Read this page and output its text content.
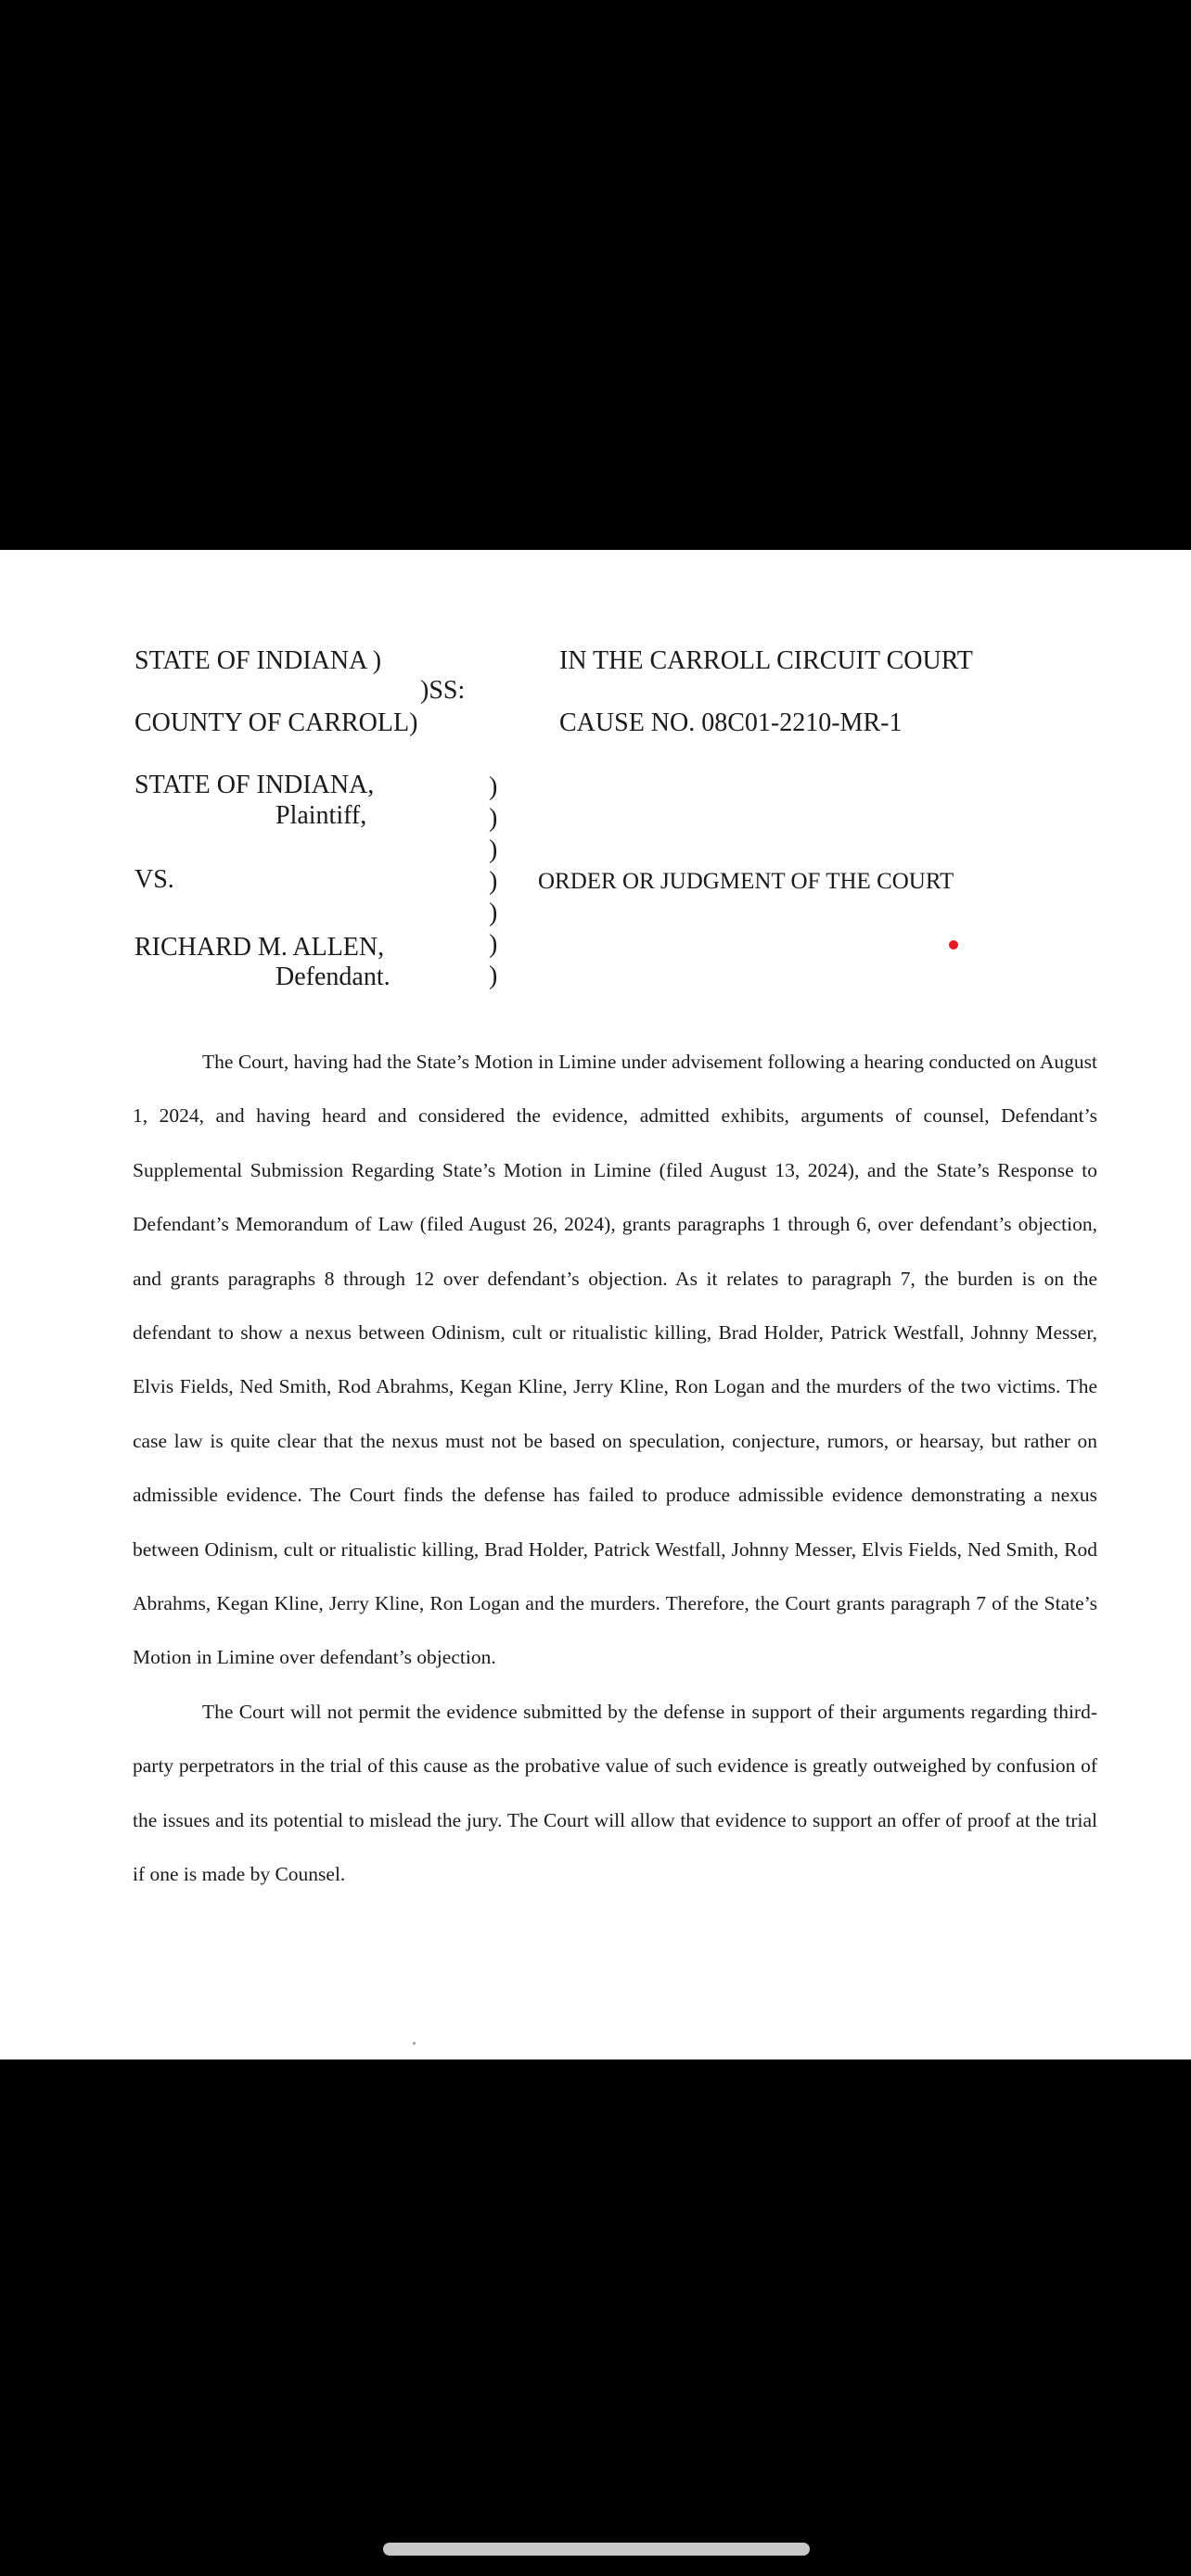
STATE OF INDIANA )
)SS:
COUNTY OF CARROLL)
IN THE CARROLL CIRCUIT COURT
CAUSE NO. 08C01-2210-MR-1
STATE OF INDIANA,
Plaintiff,
VS.
RICHARD M. ALLEN,
Defendant.
)
)
)
)
)
)
)
ORDER OR JUDGMENT OF THE COURT

The Court, having had the State’s Motion in Limine under advisement following a hearing conducted on August 1, 2024, and having heard and considered the evidence, admitted exhibits, arguments of counsel, Defendant’s Supplemental Submission Regarding State’s Motion in Limine (filed August 13, 2024), and the State’s Response to Defendant’s Memorandum of Law (filed August 26, 2024), grants paragraphs 1 through 6, over defendant’s objection, and grants paragraphs 8 through 12 over defendant’s objection. As it relates to paragraph 7, the burden is on the defendant to show a nexus between Odinism, cult or ritualistic killing, Brad Holder, Patrick Westfall, Johnny Messer, Elvis Fields, Ned Smith, Rod Abrahms, Kegan Kline, Jerry Kline, Ron Logan and the murders of the two victims. The case law is quite clear that the nexus must not be based on speculation, conjecture, rumors, or hearsay, but rather on admissible evidence. The Court finds the defense has failed to produce admissible evidence demonstrating a nexus between Odinism, cult or ritualistic killing, Brad Holder, Patrick Westfall, Johnny Messer, Elvis Fields, Ned Smith, Rod Abrahms, Kegan Kline, Jerry Kline, Ron Logan and the murders. Therefore, the Court grants paragraph 7 of the State’s Motion in Limine over defendant’s objection.

The Court will not permit the evidence submitted by the defense in support of their arguments regarding third-party perpetrators in the trial of this cause as the probative value of such evidence is greatly outweighed by confusion of the issues and its potential to mislead the jury. The Court will allow that evidence to support an offer of proof at the trial if one is made by Counsel.
